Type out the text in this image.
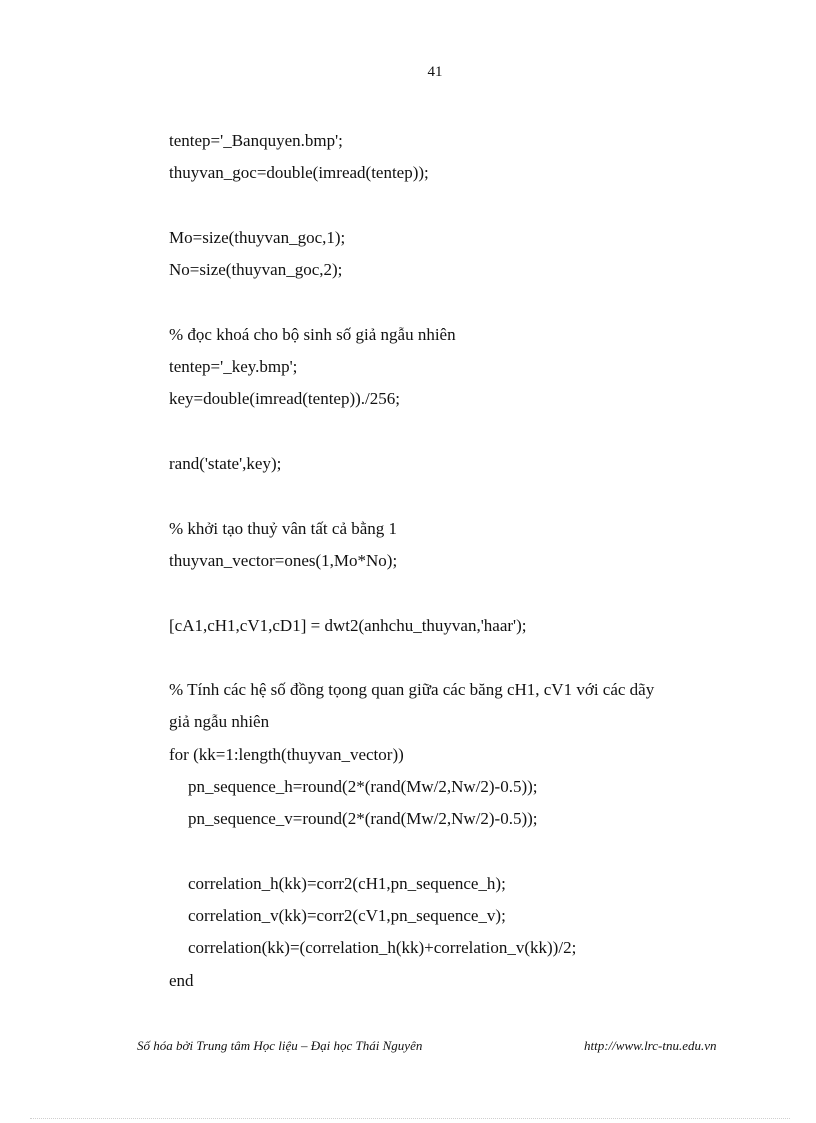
41
tentep='_Banquyen.bmp';
thuyvan_goc=double(imread(tentep));
Mo=size(thuyvan_goc,1);
No=size(thuyvan_goc,2);
% đọc khoá cho bộ sinh số giả ngẫu nhiên
tentep='_key.bmp';
key=double(imread(tentep))./256;
rand('state',key);
% khởi tạo thuỷ vân tất cả bằng 1
thuyvan_vector=ones(1,Mo*No);
[cA1,cH1,cV1,cD1] = dwt2(anhchu_thuyvan,'haar');
% Tính các hệ số đồng tọong quan giữa các băng cH1, cV1 với các dãy
giả ngẫu nhiên
for (kk=1:length(thuyvan_vector))
pn_sequence_h=round(2*(rand(Mw/2,Nw/2)-0.5));
pn_sequence_v=round(2*(rand(Mw/2,Nw/2)-0.5));
correlation_h(kk)=corr2(cH1,pn_sequence_h);
correlation_v(kk)=corr2(cV1,pn_sequence_v);
correlation(kk)=(correlation_h(kk)+correlation_v(kk))/2;
end
Số hóa bởi Trung tâm Học liệu – Đại học Thái Nguyên	http://www.lrc-tnu.edu.vn
